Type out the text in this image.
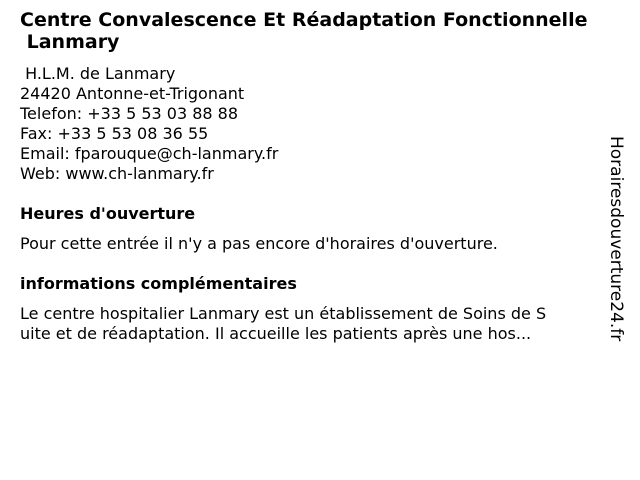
Centre Convalescence Et Réadaptation Fonctionnelle
Lanmary
H.L.M. de Lanmary
24420 Antonne-et-Trigonant
Telefon: +33 5 53 03 88 88
Fax: +33 5 53 08 36 55
Email: fparouque@ch-lanmary.fr
Web: www.ch-lanmary.fr
Heures d'ouverture

Pour cette entrée il n'y a pas encore d'horaires d'ouverture.

informations complémentaires

Le centre hospitalier Lanmary est un établissement de Soins de S
uite et de réadaptation. Il accueille les patients après une hos...	Horairesdouverture24.fr
